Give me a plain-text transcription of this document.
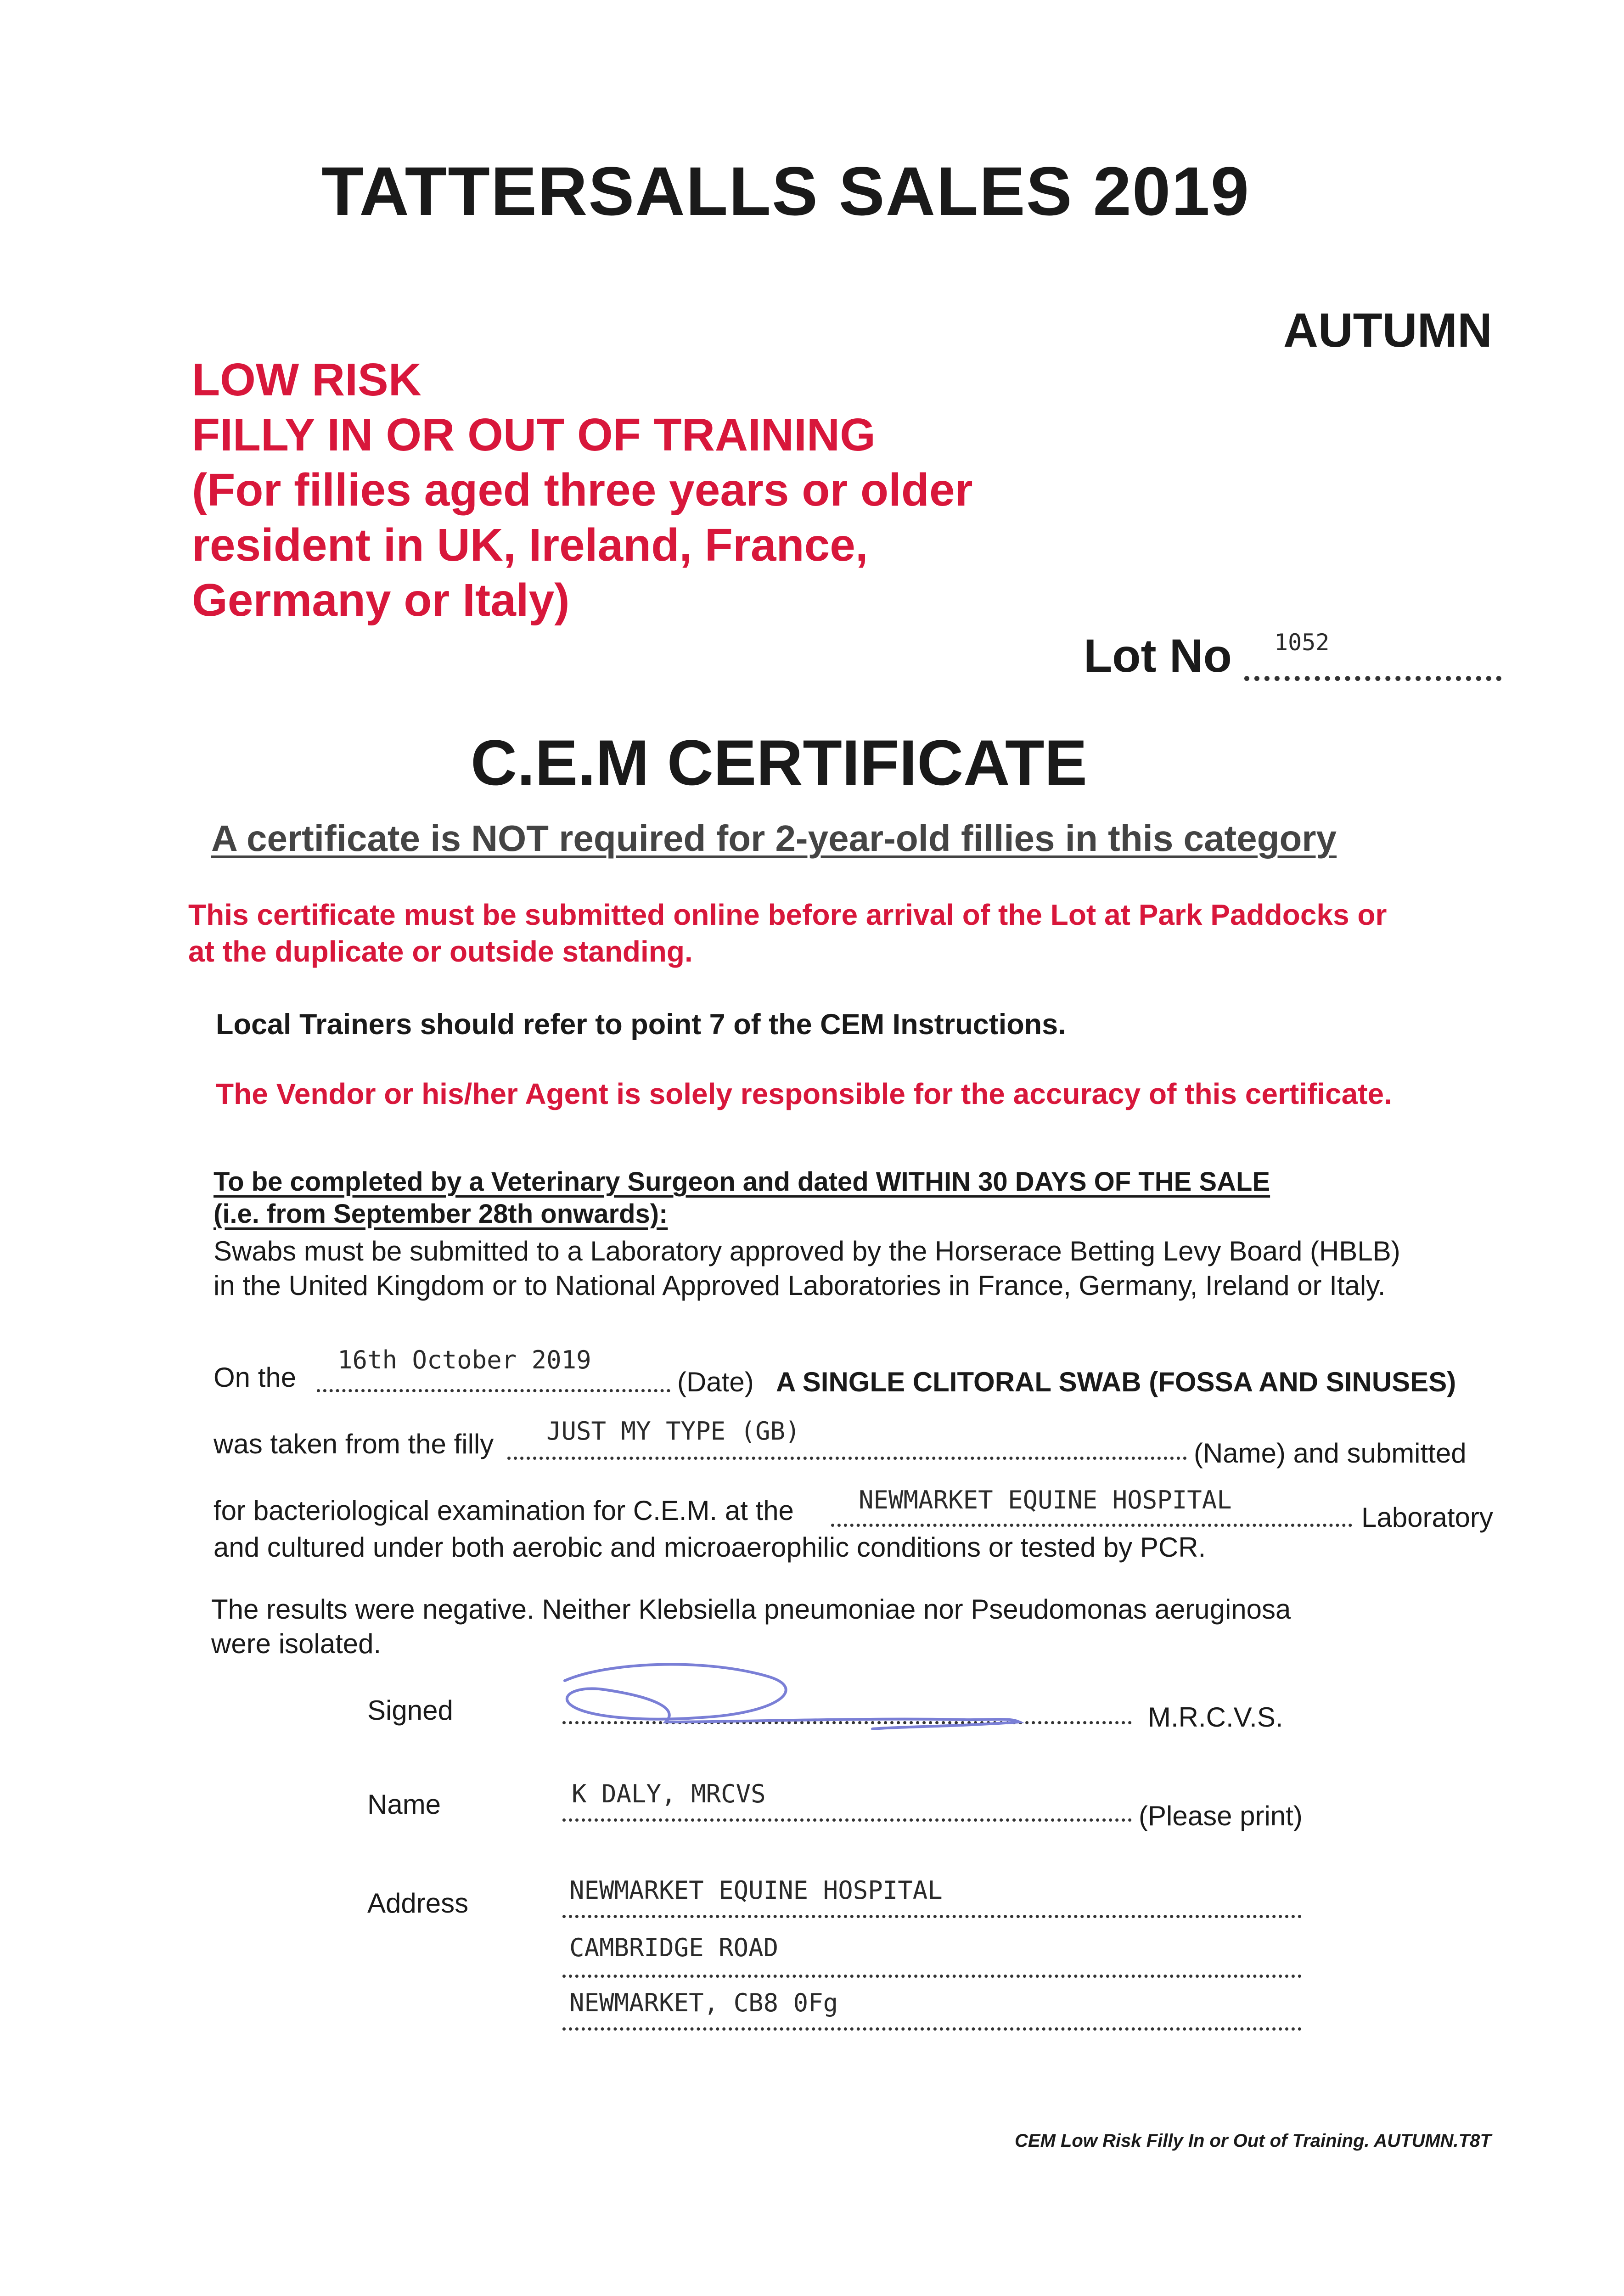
TATTERSALLS SALES 2019
AUTUMN
LOW RISK
FILLY IN OR OUT OF TRAINING
(For fillies aged three years or older
resident in UK, Ireland, France,
Germany or Italy)
Lot No 1052
C.E.M CERTIFICATE
A certificate is NOT required for 2-year-old fillies in this category
This certificate must be submitted online before arrival of the Lot at Park Paddocks or
at the duplicate or outside standing.
Local Trainers should refer to point 7 of the CEM Instructions.
The Vendor or his/her Agent is solely responsible for the accuracy of this certificate.
To be completed by a Veterinary Surgeon and dated WITHIN 30 DAYS OF THE SALE
(i.e. from September 28th onwards):
Swabs must be submitted to a Laboratory approved by the Horserace Betting Levy Board (HBLB)
in the United Kingdom or to National Approved Laboratories in France, Germany, Ireland or Italy.
On the
16th October 2019
(Date) A SINGLE CLITORAL SWAB (FOSSA AND SINUSES)
was taken from the filly JUST MY TYPE (GB)
(Name) and submitted
for bacteriological examination for C.E.M. at the	NEWMARKET EQUINE HOSPITAL
Laboratory
and cultured under both aerobic and microaerophilic conditions or tested by PCR.
The results were negative. Neither Klebsiella pneumoniae nor Pseudomonas aeruginosa
were isolated.
Signed	M.R.C.V.S.
Name	K DALY, MRCVS
(Please print)
Address	NEWMARKET EQUINE HOSPITAL
CAMBRIDGE ROAD
NEWMARKET, CB8 0Fg
CEM Low Risk Filly In or Out of Training. AUTUMN.T8T
